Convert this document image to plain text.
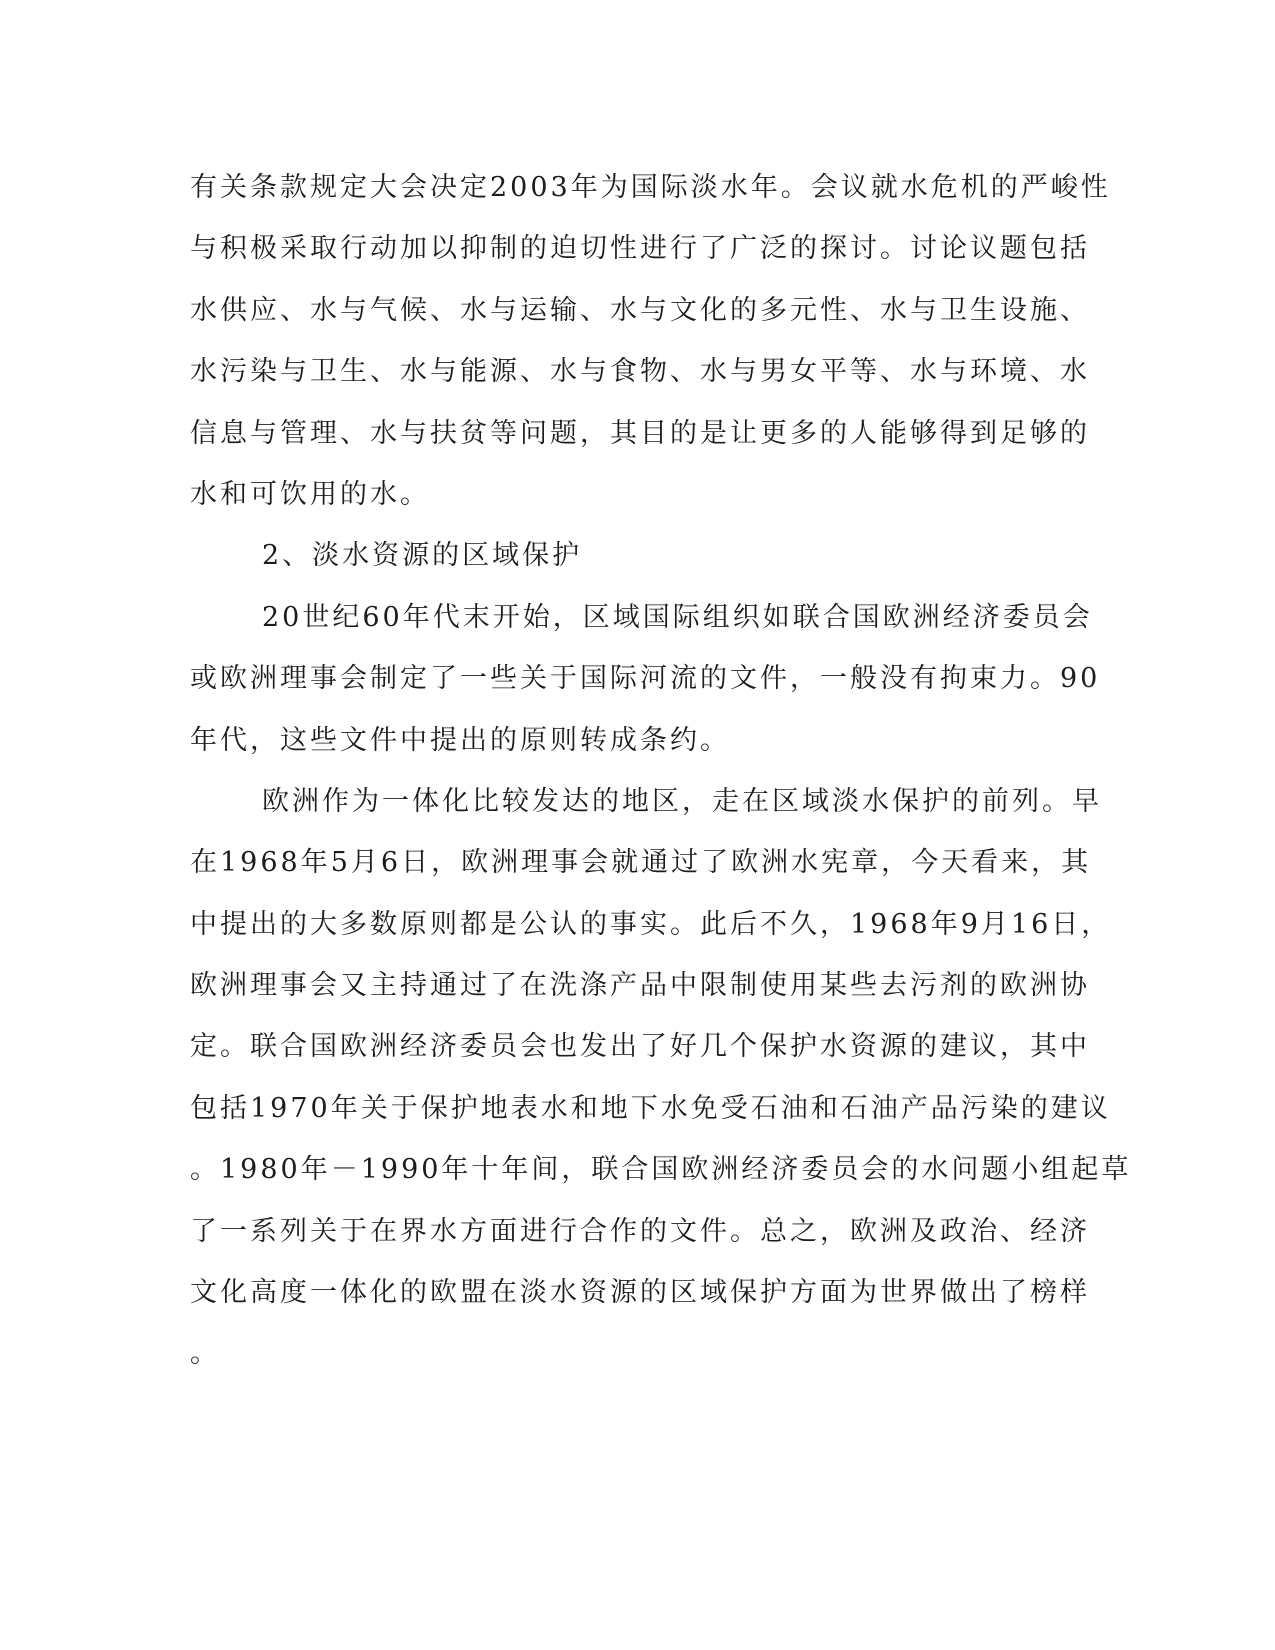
有关条款规定大会决定2003年为国际淡水年。会议就水危机的严峻性
与积极采取行动加以抑制的迫切性进行了广泛的探讨。讨论议题包括
水供应、水与气候、水与运输、水与文化的多元性、水与卫生设施、
水污染与卫生、水与能源、水与食物、水与男女平等、水与环境、水
信息与管理、水与扶贫等问题，其目的是让更多的人能够得到足够的
水和可饮用的水。
2、淡水资源的区域保护
20世纪60年代末开始，区域国际组织如联合国欧洲经济委员会
或欧洲理事会制定了一些关于国际河流的文件，一般没有拘束力。90
年代，这些文件中提出的原则转成条约。
欧洲作为一体化比较发达的地区，走在区域淡水保护的前列。早
在1968年5月6日，欧洲理事会就通过了欧洲水宪章，今天看来，其
中提出的大多数原则都是公认的事实。此后不久，1968年9月16日，
欧洲理事会又主持通过了在洗涤产品中限制使用某些去污剂的欧洲协
定。联合国欧洲经济委员会也发出了好几个保护水资源的建议，其中
包括1970年关于保护地表水和地下水免受石油和石油产品污染的建议
。1980年－1990年十年间，联合国欧洲经济委员会的水问题小组起草
了一系列关于在界水方面进行合作的文件。总之，欧洲及政治、经济
文化高度一体化的欧盟在淡水资源的区域保护方面为世界做出了榜样
。
